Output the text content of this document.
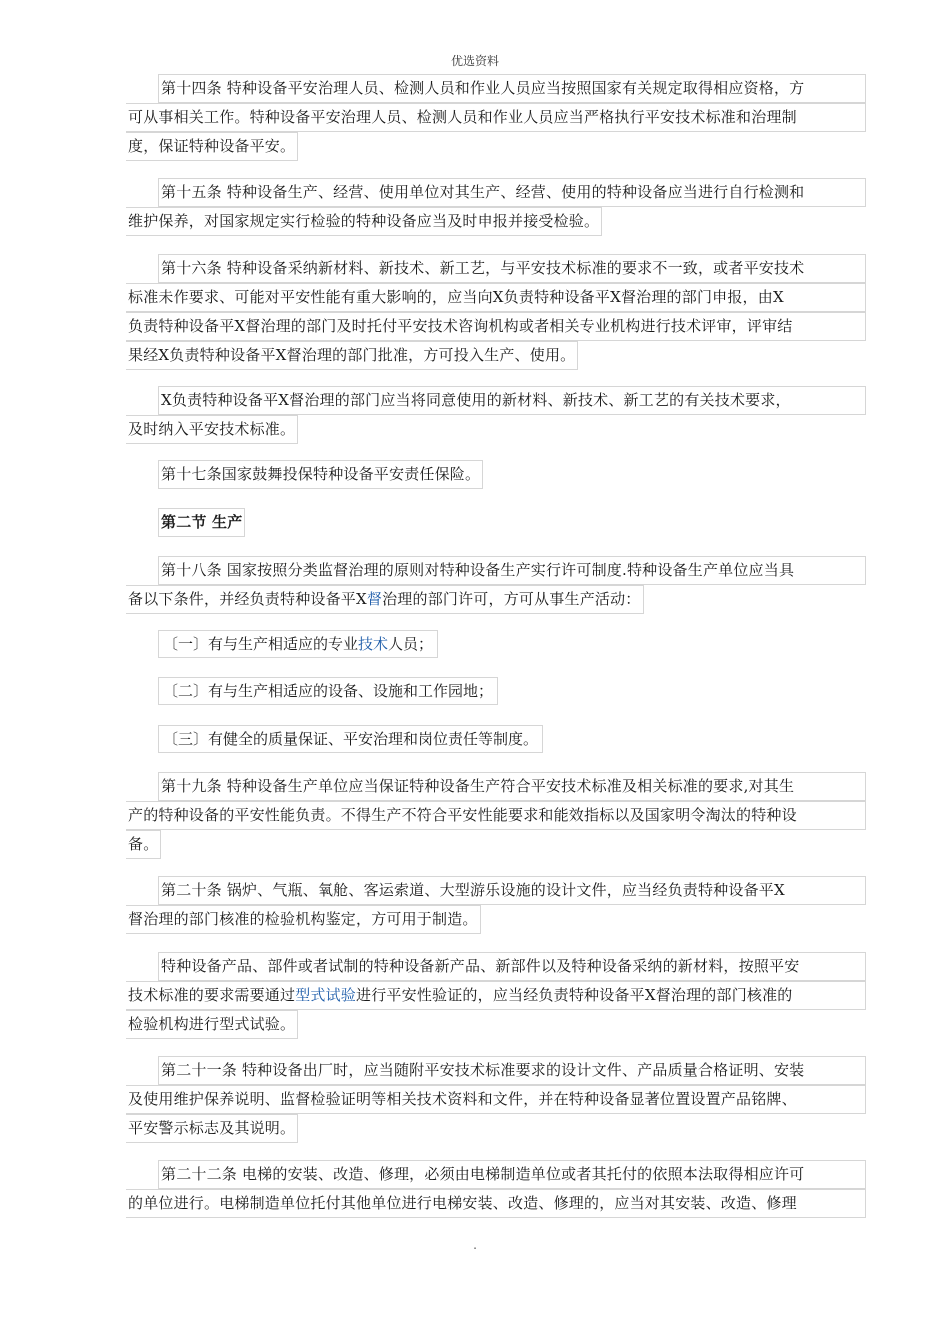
优选资料
第十四条 特种设备平安治理人员、检测人员和作业人员应当按照国家有关规定取得相应资格，方
可从事相关工作。特种设备平安治理人员、检测人员和作业人员应当严格执行平安技术标准和治理制
度，保证特种设备平安。
第十五条 特种设备生产、经营、使用单位对其生产、经营、使用的特种设备应当进行自行检测和
维护保养，对国家规定实行检验的特种设备应当及时申报并接受检验。
第十六条 特种设备采纳新材料、新技术、新工艺，与平安技术标准的要求不一致，或者平安技术
标准未作要求、可能对平安性能有重大影响的，应当向X负责特种设备平X督治理的部门申报，由X
负责特种设备平X督治理的部门及时托付平安技术咨询机构或者相关专业机构进行技术评审，评审结
果经X负责特种设备平X督治理的部门批准，方可投入生产、使用。
X负责特种设备平X督治理的部门应当将同意使用的新材料、新技术、新工艺的有关技术要求，
及时纳入平安技术标准。
第十七条国家鼓舞投保特种设备平安责任保险。
第二节 生产
第十八条 国家按照分类监督治理的原则对特种设备生产实行许可制度.特种设备生产单位应当具
备以下条件，并经负责特种设备平X督治理的部门许可，方可从事生产活动：
〔一〕有与生产相适应的专业技术人员；
〔二〕有与生产相适应的设备、设施和工作园地；
〔三〕有健全的质量保证、平安治理和岗位责任等制度。
第十九条 特种设备生产单位应当保证特种设备生产符合平安技术标准及相关标准的要求,对其生
产的特种设备的平安性能负责。不得生产不符合平安性能要求和能效指标以及国家明令淘汰的特种设
备。
第二十条 锅炉、气瓶、氧舱、客运索道、大型游乐设施的设计文件，应当经负责特种设备平X
督治理的部门核准的检验机构鉴定，方可用于制造。
特种设备产品、部件或者试制的特种设备新产品、新部件以及特种设备采纳的新材料，按照平安
技术标准的要求需要通过型式试验进行平安性验证的，应当经负责特种设备平X督治理的部门核准的
检验机构进行型式试验。
第二十一条 特种设备出厂时，应当随附平安技术标准要求的设计文件、产品质量合格证明、安装
及使用维护保养说明、监督检验证明等相关技术资料和文件，并在特种设备显著位置设置产品铭牌、
平安警示标志及其说明。
第二十二条 电梯的安装、改造、修理，必须由电梯制造单位或者其托付的依照本法取得相应许可
的单位进行。电梯制造单位托付其他单位进行电梯安装、改造、修理的，应当对其安装、改造、修理
.
